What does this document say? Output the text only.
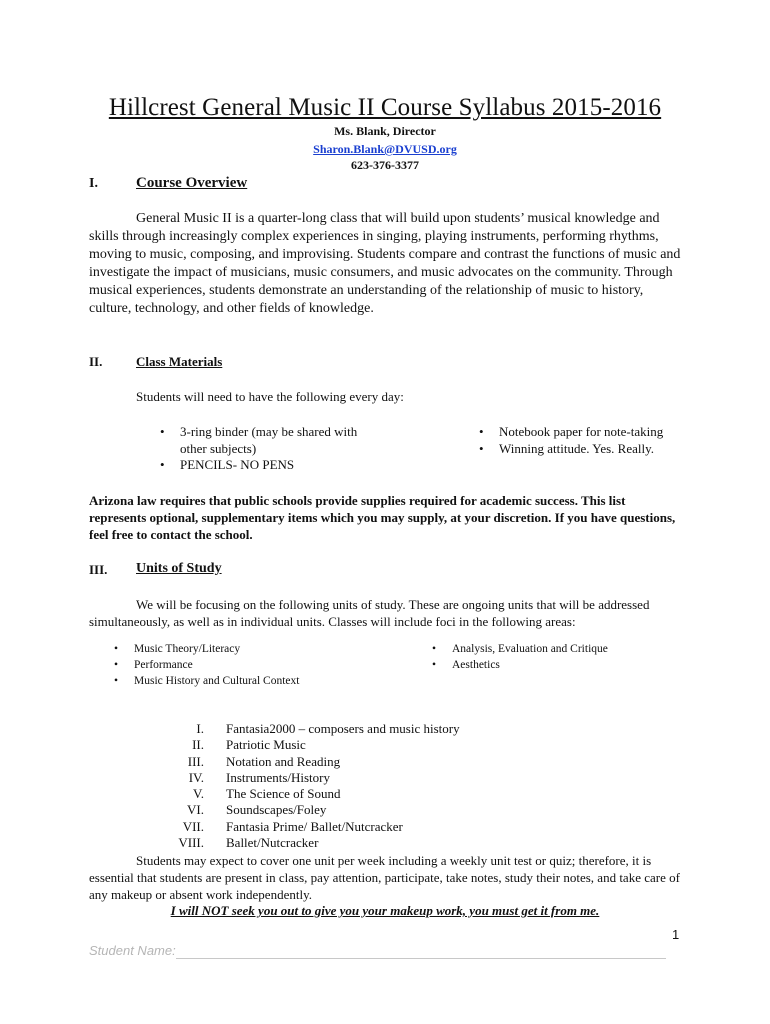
Hillcrest General Music II Course Syllabus 2015-2016
Ms. Blank, Director
Sharon.Blank@DVUSD.org
623-376-3377
I.	Course Overview

General Music II is a quarter-long class that will build upon students’ musical knowledge and skills through increasingly complex experiences in singing, playing instruments, performing rhythms, moving to music, composing, and improvising. Students compare and contrast the functions of music and investigate the impact of musicians, music consumers, and music advocates on the community. Through musical experiences, students demonstrate an understanding of the relationship of music to history, culture, technology, and other fields of knowledge.

II.	Class Materials

Students will need to have the following every day:

• 3-ring binder (may be shared with other subjects)
• PENCILS- NO PENS
• Notebook paper for note-taking
• Winning attitude. Yes. Really.

Arizona law requires that public schools provide supplies required for academic success. This list represents optional, supplementary items which you may supply, at your discretion. If you have questions, feel free to contact the school.

III. Units of Study

We will be focusing on the following units of study. These are ongoing units that will be addressed simultaneously, as well as in individual units. Classes will include foci in the following areas:

• Music Theory/Literacy
• Performance
• Music History and Cultural Context
• Analysis, Evaluation and Critique
• Aesthetics
I.	Fantasia2000 – composers and music history
II.	Patriotic Music
III.	Notation and Reading
IV.	Instruments/History
V.	The Science of Sound
VI.	Soundscapes/Foley
VII.	Fantasia Prime/ Ballet/Nutcracker
VIII.	Ballet/Nutcracker

Students may expect to cover one unit per week including a weekly unit test or quiz; therefore, it is essential that students are present in class, pay attention, participate, take notes, study their notes, and take care of any makeup or absent work independently.

I will NOT seek you out to give you your makeup work, you must get it from me.
1
Student Name:
